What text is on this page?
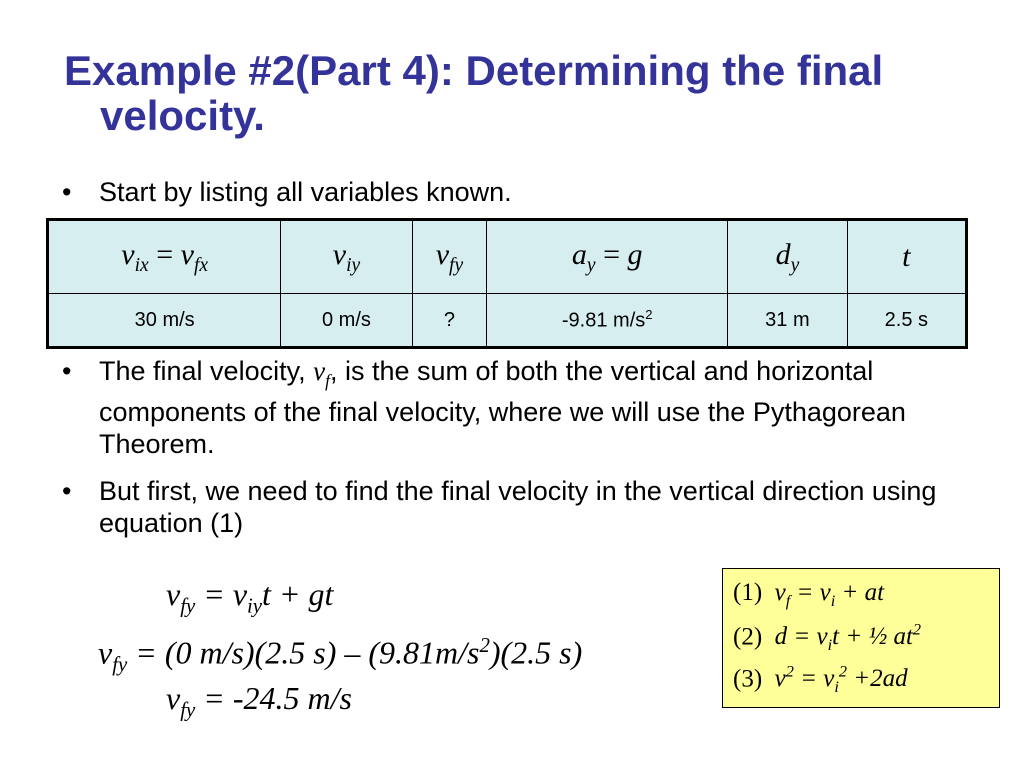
Example #2(Part 4): Determining the final
velocity.
• Start by listing all variables known.
$v_{ix} = v_{fx}$	$v_{iy}$	$v_{fy}$	$a_y = g$	$d_y$	t
30 m/s	0 m/s	?	-9.81 $m/s^2$	31 m	2.5 s
• The final velocity, $v_f$, is the sum of both the vertical and horizontal components of the final velocity, where we will use the Pythagorean Theorem.
• But first, we need to find the final velocity in the vertical direction using equation (1)
$v_{fy} = v_{iy}t$ + gt
$v_{fy} = (0$ m/s)(2.5 $s) - (9.81m/s^2)(2.5$ s)
$v_{fy} = -24.5$ m/s
(1) $v_f = v_i$ + at
(2) $d = v_it$ + ½ $at^2$
(3) $v^2 = v_i^2 +2ad$
